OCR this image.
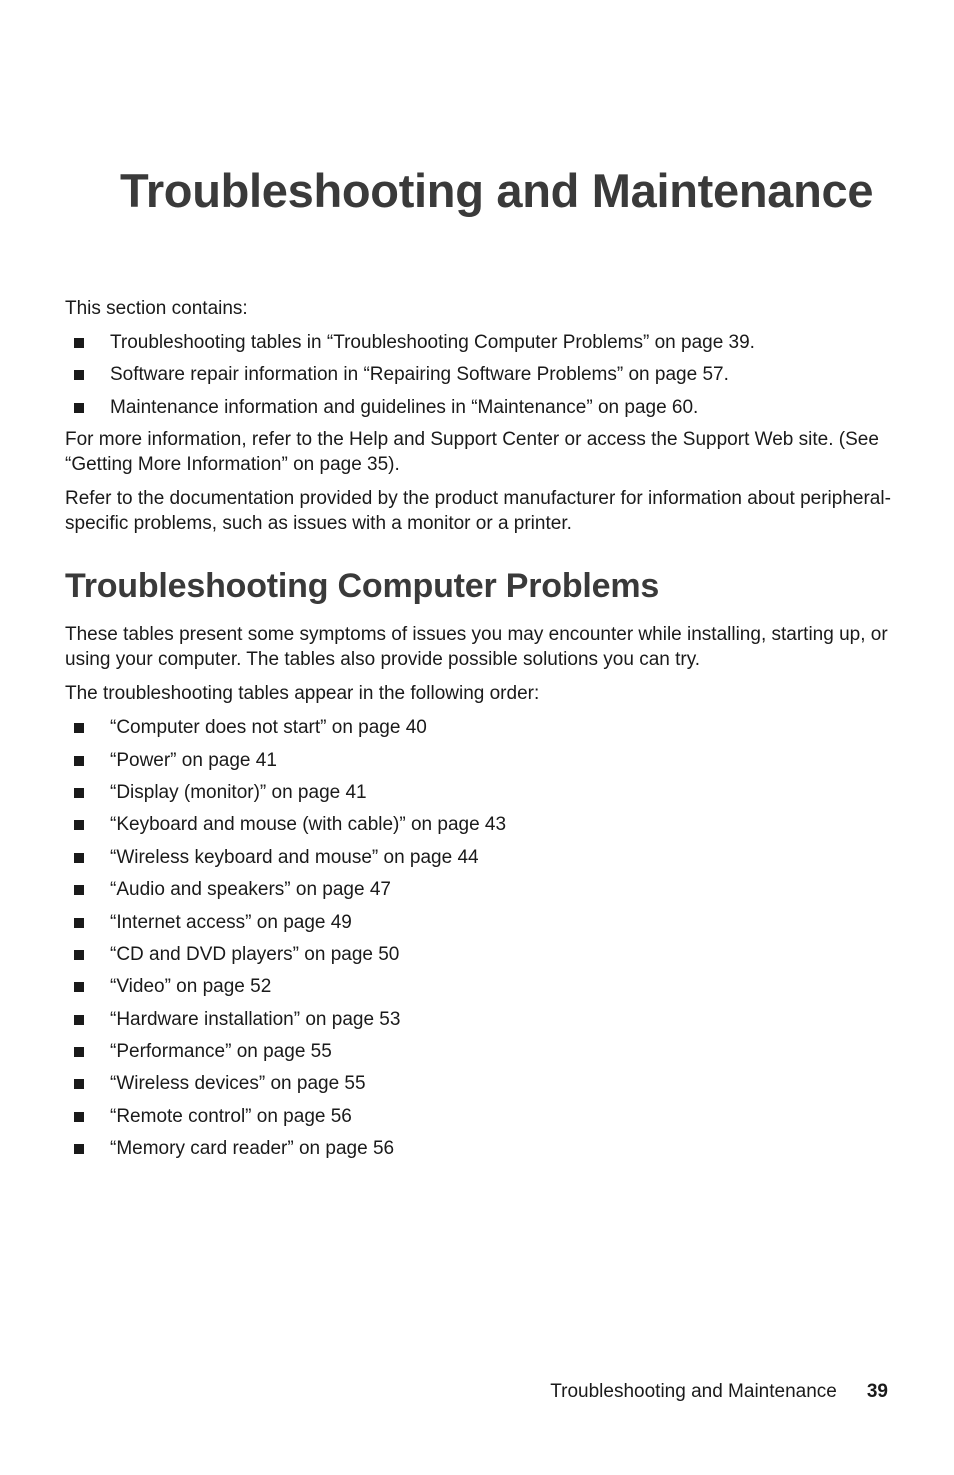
Troubleshooting and Maintenance

This section contains:

Troubleshooting tables in “Troubleshooting Computer Problems” on page 39.
Software repair information in “Repairing Software Problems” on page 57.
Maintenance information and guidelines in “Maintenance” on page 60.

For more information, refer to the Help and Support Center or access the Support Web site. (See “Getting More Information” on page 35).

Refer to the documentation provided by the product manufacturer for information about peripheral-specific problems, such as issues with a monitor or a printer.

Troubleshooting Computer Problems

These tables present some symptoms of issues you may encounter while installing, starting up, or using your computer. The tables also provide possible solutions you can try.

The troubleshooting tables appear in the following order:

“Computer does not start” on page 40
“Power” on page 41
“Display (monitor)” on page 41
“Keyboard and mouse (with cable)” on page 43
“Wireless keyboard and mouse” on page 44
“Audio and speakers” on page 47
“Internet access” on page 49
“CD and DVD players” on page 50
“Video” on page 52
“Hardware installation” on page 53
“Performance” on page 55
“Wireless devices” on page 55
“Remote control” on page 56
“Memory card reader” on page 56
Troubleshooting and Maintenance 39
